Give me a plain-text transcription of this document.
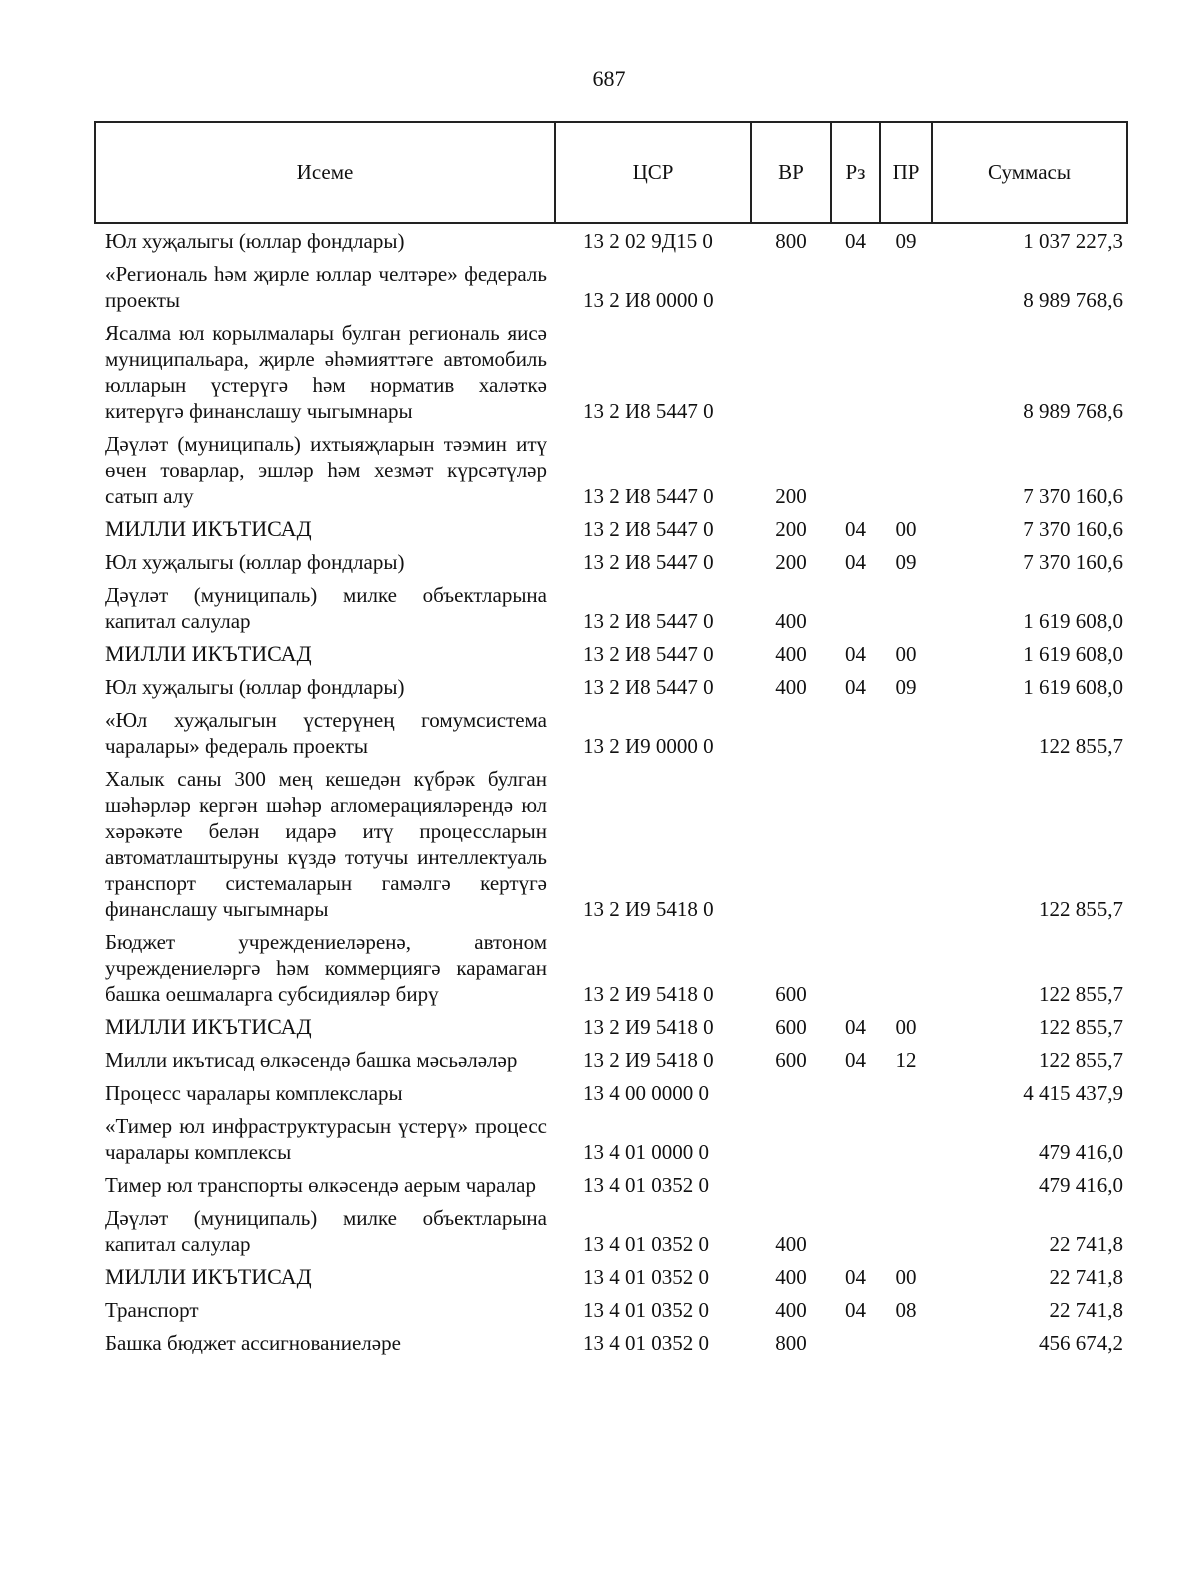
687
Исеме	ЦСР	ВР	Рз	ПР	Суммасы
Юл хуҗалыгы (юллар фондлары)	13 2 02 9Д15 0	800	04	09	1 037 227,3
«Региональ һәм җирле юллар челтәре» федераль проекты	13 2 И8 0000 0				8 989 768,6
Ясалма юл корылмалары булган региональ яисә муниципальара, җирле әһәмияттәге автомобиль юлларын үстерүгә һәм норматив халәткә китерүгә финанслашу чыгымнары	13 2 И8 5447 0				8 989 768,6
Дәүләт (муниципаль) ихтыяҗларын тәэмин итү өчен товарлар, эшләр һәм хезмәт күрсәтүләр сатып алу	13 2 И8 5447 0	200			7 370 160,6
МИЛЛИ ИКЪТИСАД	13 2 И8 5447 0	200	04	00	7 370 160,6
Юл хуҗалыгы (юллар фондлары)	13 2 И8 5447 0	200	04	09	7 370 160,6
Дәүләт (муниципаль) милке объектларына капитал салулар	13 2 И8 5447 0	400			1 619 608,0
МИЛЛИ ИКЪТИСАД	13 2 И8 5447 0	400	04	00	1 619 608,0
Юл хуҗалыгы (юллар фондлары)	13 2 И8 5447 0	400	04	09	1 619 608,0
«Юл хуҗалыгын үстерүнең гомумсистема чаралары» федераль проекты	13 2 И9 0000 0				122 855,7
Халык саны 300 мең кешедән күбрәк булган шәһәрләр кергән шәһәр агломерацияләрендә юл хәрәкәте белән идарә итү процессларын автоматлаштыруны күздә тотучы интеллектуаль транспорт системаларын гамәлгә кертүгә финанслашу чыгымнары	13 2 И9 5418 0				122 855,7
Бюджет учреждениеләренә, автоном учреждениеләргә һәм коммерциягә карамаган башка оешмаларга субсидияләр бирү	13 2 И9 5418 0	600			122 855,7
МИЛЛИ ИКЪТИСАД	13 2 И9 5418 0	600	04	00	122 855,7
Милли икътисад өлкәсендә башка мәсьәләләр	13 2 И9 5418 0	600	04	12	122 855,7
Процесс чаралары комплекслары	13 4 00 0000 0				4 415 437,9
«Тимер юл инфраструктурасын үстерү» процесс чаралары комплексы	13 4 01 0000 0				479 416,0
Тимер юл транспорты өлкәсендә аерым чаралар	13 4 01 0352 0				479 416,0
Дәүләт (муниципаль) милке объектларына капитал салулар	13 4 01 0352 0	400			22 741,8
МИЛЛИ ИКЪТИСАД	13 4 01 0352 0	400	04	00	22 741,8
Транспорт	13 4 01 0352 0	400	04	08	22 741,8
Башка бюджет ассигнованиеләре	13 4 01 0352 0	800			456 674,2
